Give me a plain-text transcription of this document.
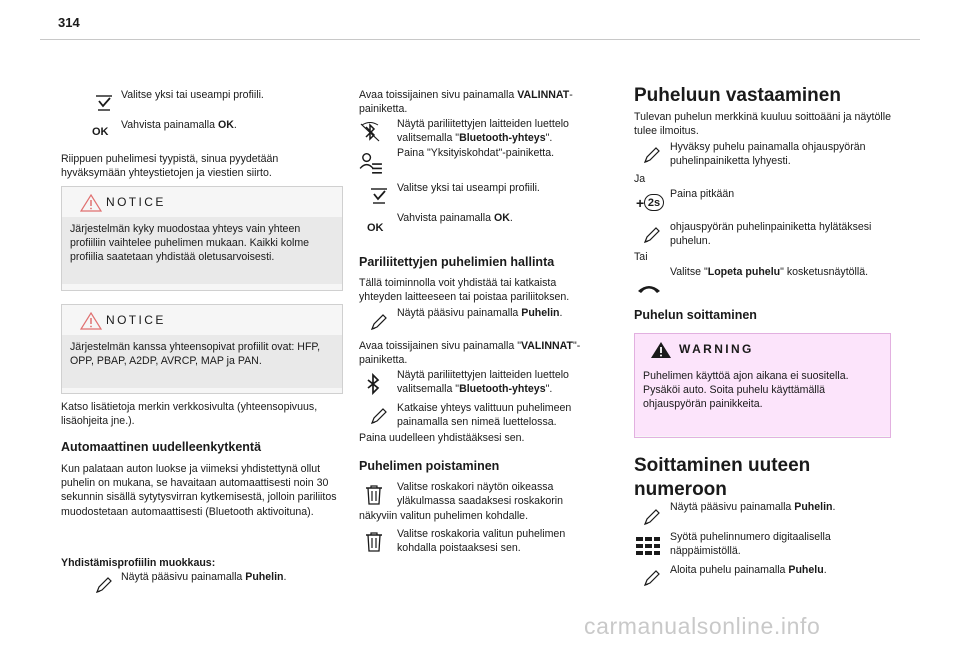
314
Valitse yksi tai useampi profiili.
OK
Vahvista painamalla OK.
Riippuen puhelimesi tyypistä, sinua pyydetään hyväksymään yhteystietojen ja viestien siirto.
NOTICE
Järjestelmän kyky muodostaa yhteys vain yhteen profiiliin vaihtelee puhelimen mukaan. Kaikki kolme profiilia saatetaan yhdistää oletusarvoisesti.
NOTICE
Järjestelmän kanssa yhteensopivat profiilit ovat: HFP, OPP, PBAP, A2DP, AVRCP, MAP ja PAN.
Katso lisätietoja merkin verkkosivulta (yhteensopivuus, lisäohjeita jne.).
Automaattinen uudelleenkytkentä
Kun palataan auton luokse ja viimeksi yhdistettynä ollut puhelin on mukana, se havaitaan automaattisesti noin 30 sekunnin sisällä sytytysvirran kytkemisestä, jolloin pariliitos muodostetaan automaattisesti (Bluetooth aktivoituna).
Yhdistämisprofiilin muokkaus:
Näytä pääsivu painamalla Puhelin.
Avaa toissijainen sivu painamalla VALINNAT-painiketta.
Näytä pariliitettyjen laitteiden luettelo valitsemalla "Bluetooth-yhteys".
Paina "Yksityiskohdat"-painiketta.
Valitse yksi tai useampi profiili.
OK
Vahvista painamalla OK.
Pariliitettyjen puhelimien hallinta
Tällä toiminnolla voit yhdistää tai katkaista yhteyden laitteeseen tai poistaa pariliitoksen.
Näytä pääsivu painamalla Puhelin.
Avaa toissijainen sivu painamalla "VALINNAT"-painiketta.
Näytä pariliitettyjen laitteiden luettelo valitsemalla "Bluetooth-yhteys".
Katkaise yhteys valittuun puhelimeen painamalla sen nimeä luettelossa.
Paina uudelleen yhdistääksesi sen.
Puhelimen poistaminen
Valitse roskakori näytön oikeassa
yläkulmassa saadaksesi roskakorin
näkyviin valitun puhelimen kohdalle.
Valitse roskakoria valitun puhelimen kohdalla poistaaksesi sen.
Puheluun vastaaminen
Tulevan puhelun merkkinä kuuluu soittoääni ja näytölle tulee ilmoitus.
Hyväksy puhelu painamalla ohjauspyörän puhelinpainiketta lyhyesti.
Ja
+ 2s
Paina pitkään
ohjauspyörän puhelinpainiketta hylätäksesi puhelun.
Tai
Valitse "Lopeta puhelu" kosketusnäytöllä.
Puhelun soittaminen
WARNING
Puhelimen käyttöä ajon aikana ei suositella. Pysäköi auto. Soita puhelu käyttämällä ohjauspyörän painikkeita.
Soittaminen uuteen
numeroon
Näytä pääsivu painamalla Puhelin.
Syötä puhelinnumero digitaalisella näppäimistöllä.
Aloita puhelu painamalla Puhelu.
carmanualsonline.info
